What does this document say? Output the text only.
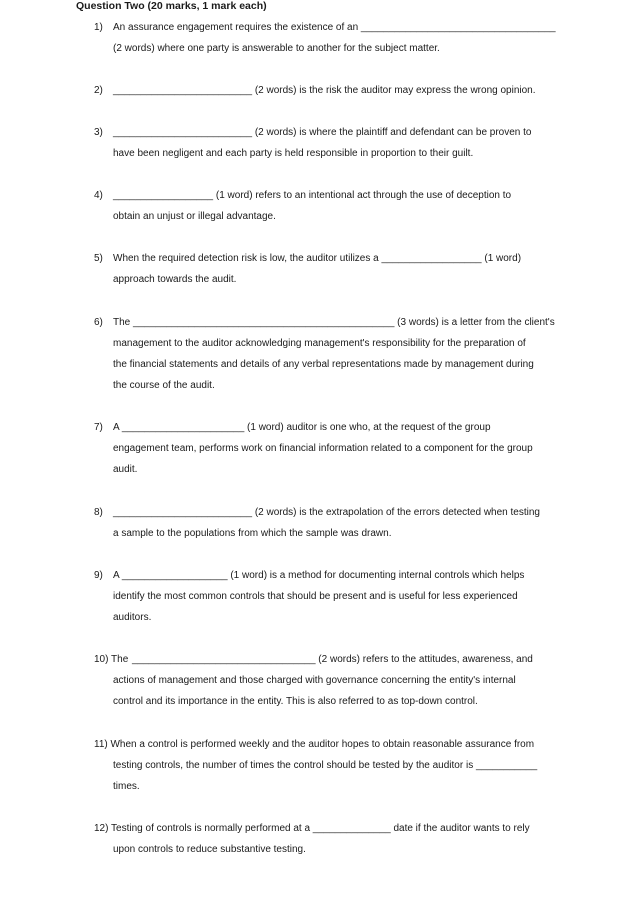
Question Two (20 marks, 1 mark each)
1) An assurance engagement requires the existence of an ___________________________________
(2 words) where one party is answerable to another for the subject matter.
2) _________________________ (2 words) is the risk the auditor may express the wrong opinion.
3) _________________________ (2 words) is where the plaintiff and defendant can be proven to
have been negligent and each party is held responsible in proportion to their guilt.
4) __________________ (1 word) refers to an intentional act through the use of deception to
obtain an unjust or illegal advantage.
5) When the required detection risk is low, the auditor utilizes a __________________ (1 word)
approach towards the audit.
6) The _______________________________________________ (3 words) is a letter from the client's
management to the auditor acknowledging management's responsibility for the preparation of
the financial statements and details of any verbal representations made by management during
the course of the audit.
7) A ______________________ (1 word) auditor is one who, at the request of the group
engagement team, performs work on financial information related to a component for the group
audit.
8) _________________________ (2 words) is the extrapolation of the errors detected when testing
a sample to the populations from which the sample was drawn.
9) A ___________________ (1 word) is a method for documenting internal controls which helps
identify the most common controls that should be present and is useful for less experienced
auditors.
10) The _________________________________ (2 words) refers to the attitudes, awareness, and
actions of management and those charged with governance concerning the entity's internal
control and its importance in the entity. This is also referred to as top-down control.
11) When a control is performed weekly and the auditor hopes to obtain reasonable assurance from
testing controls, the number of times the control should be tested by the auditor is ___________
times.
12) Testing of controls is normally performed at a ______________ date if the auditor wants to rely
upon controls to reduce substantive testing.
